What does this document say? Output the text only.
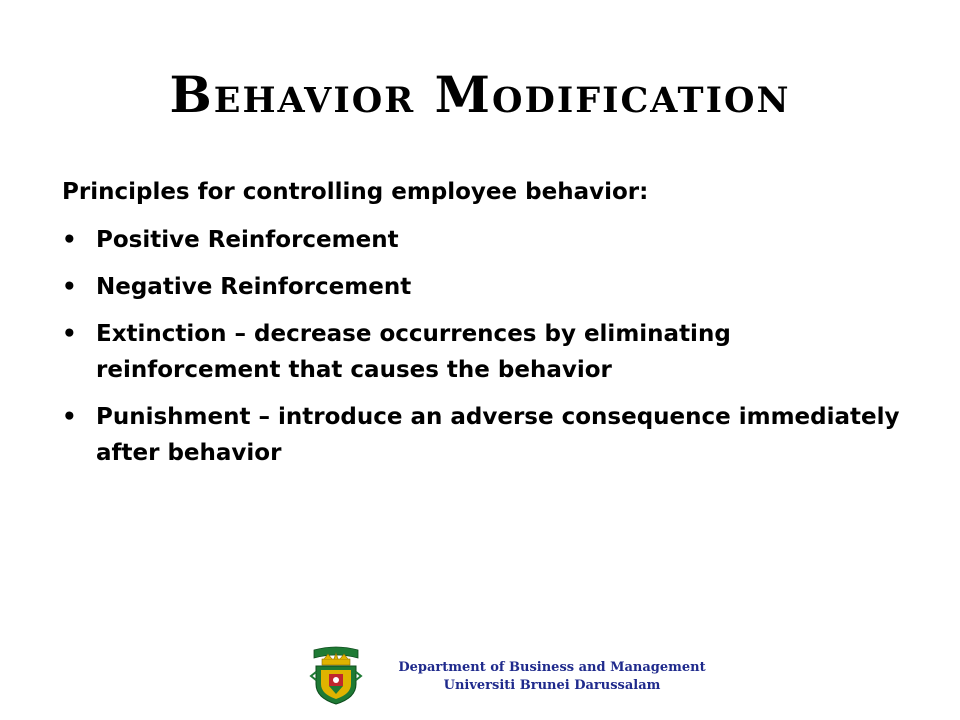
Behavior Modification

Principles for controlling employee behavior:

• Positive Reinforcement
• Negative Reinforcement
• Extinction – decrease occurrences by eliminating reinforcement that causes the behavior
• Punishment – introduce an adverse consequence immediately after behavior
Department of Business and Management
Universiti Brunei Darussalam
